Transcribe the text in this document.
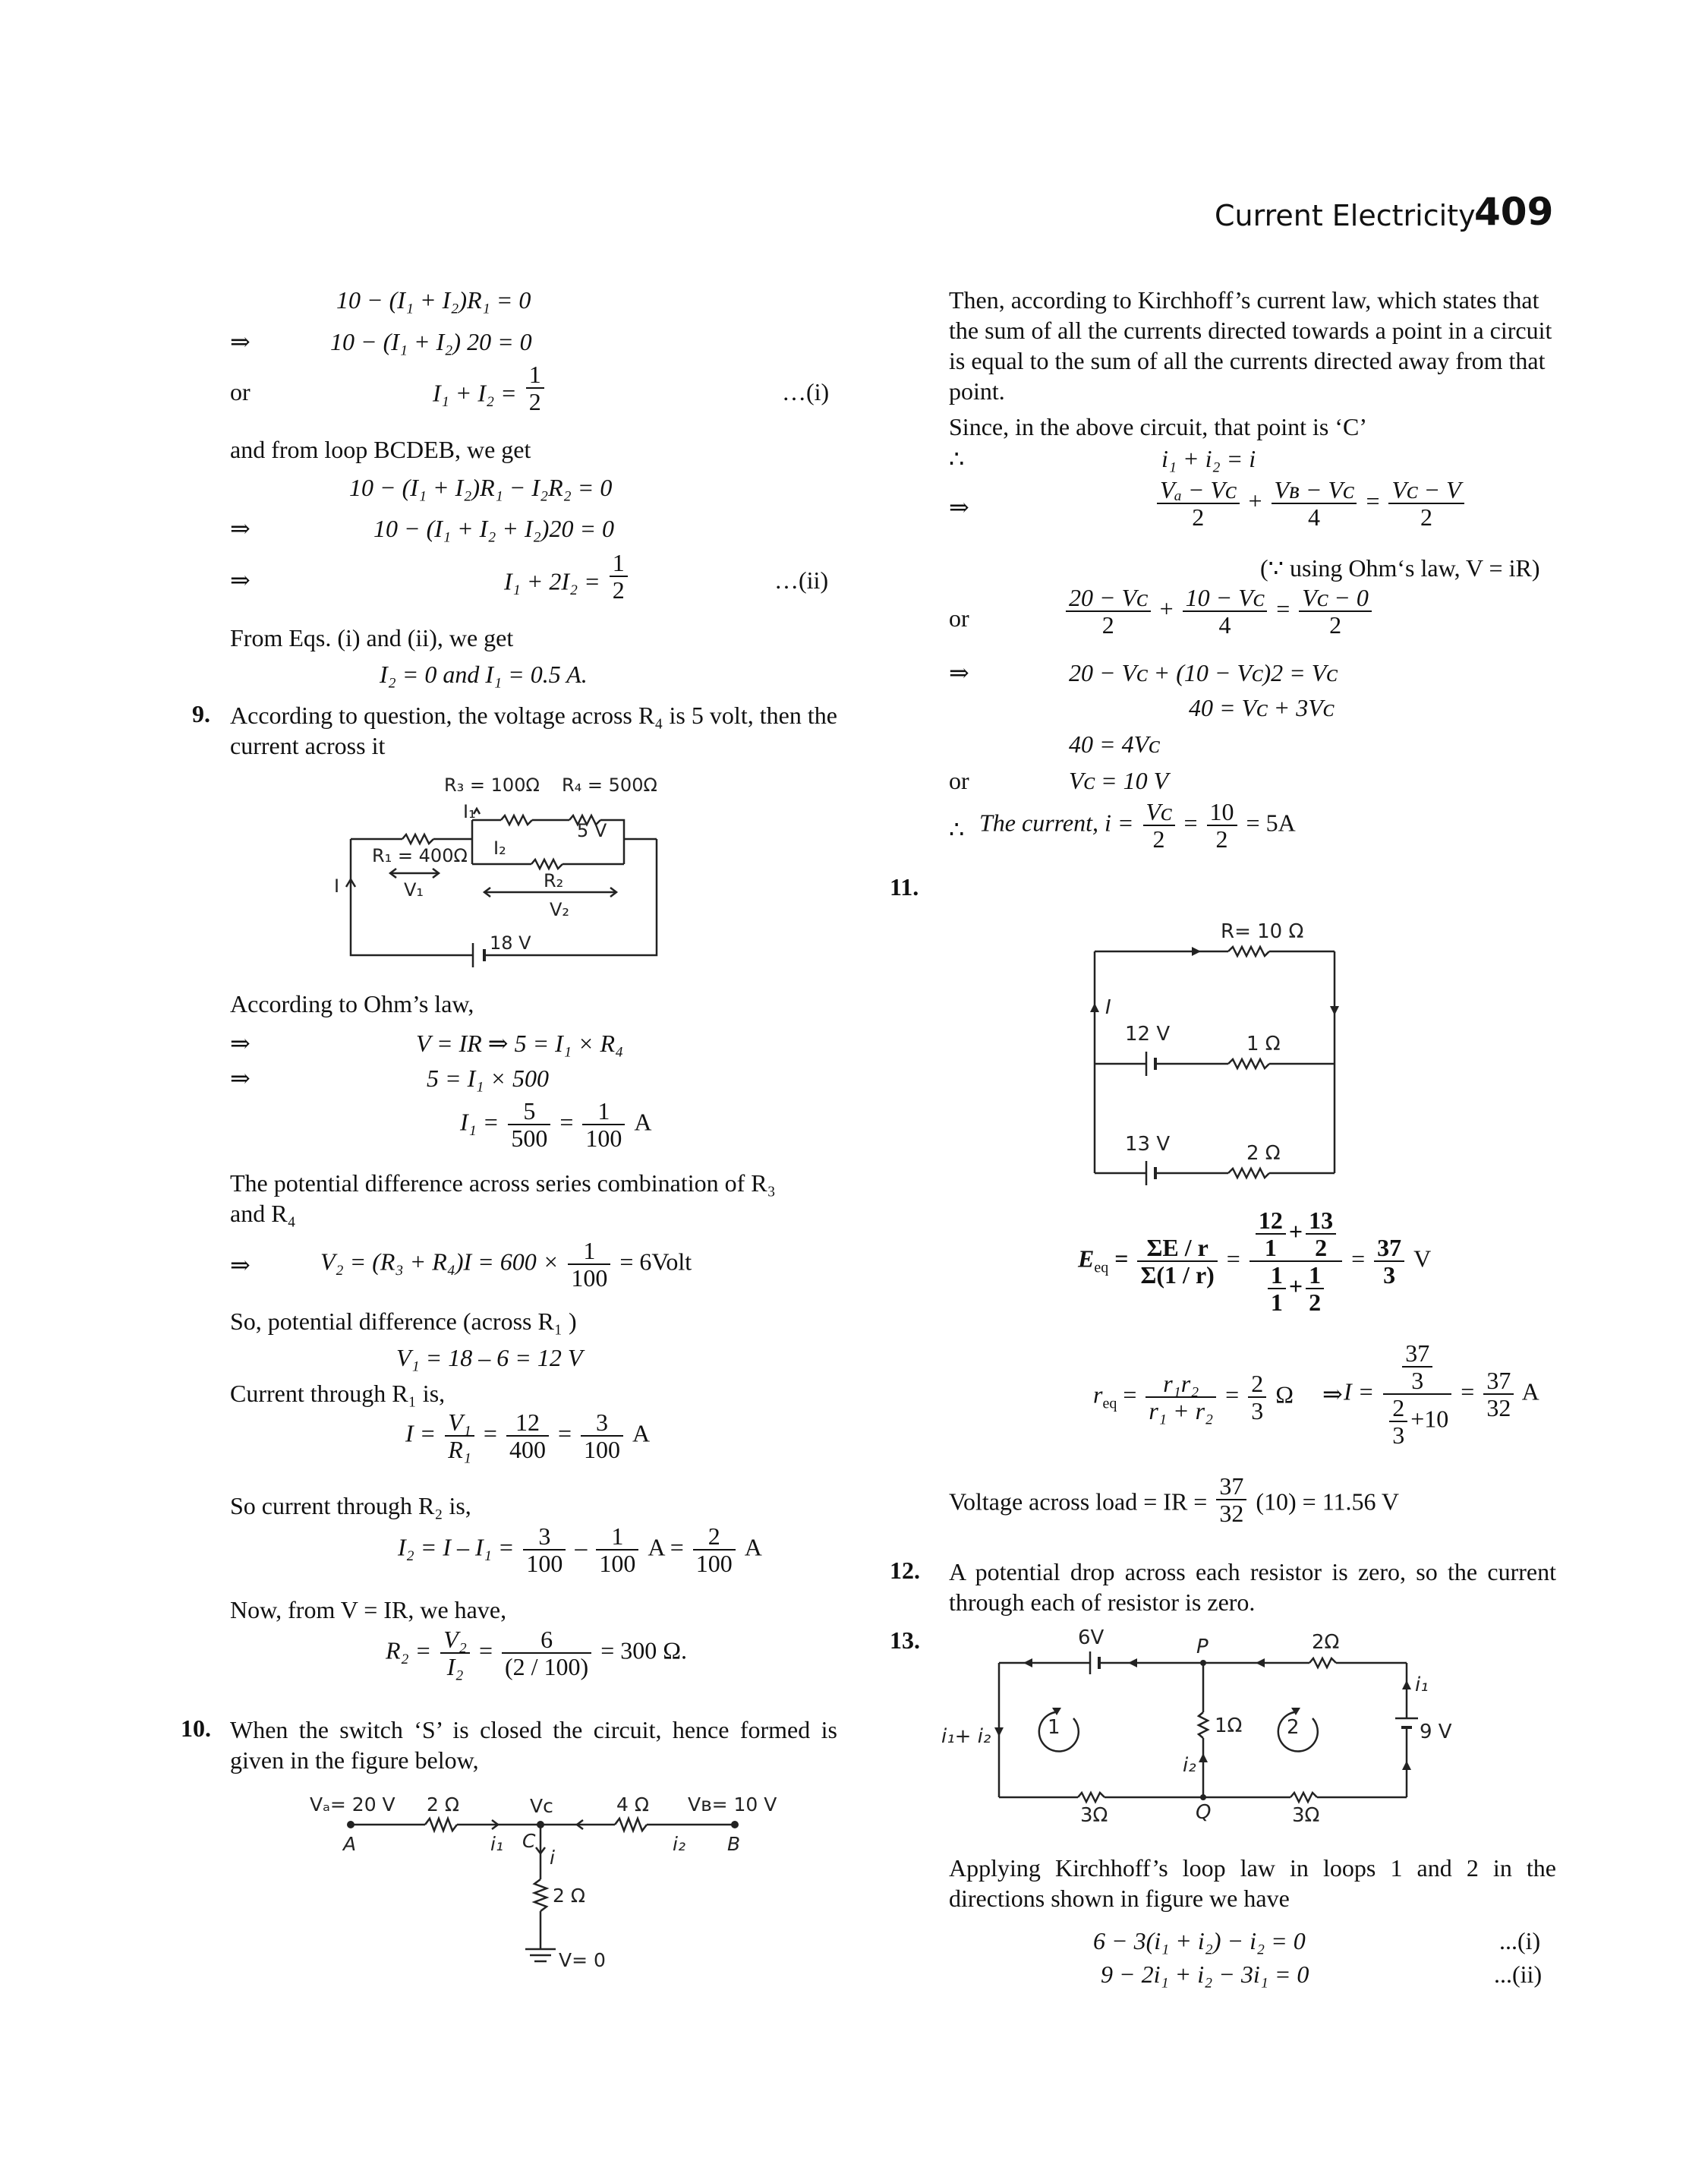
Current Electricity
409
10 − (I₁ + I₂)R₁ = 0
⇒	10 − (I₁ + I₂) 20 = 0
or	$I_1 + I_2 = \frac{1}{2}$	…(i)
and from loop BCDEB, we get
10 − (I₁ + I₂)R₁ − I₂R₂ = 0
⇒	10 − (I₁ + I₂ + I₂)20 = 0
⇒	$I_1 + 2I_2 = \frac{1}{2}$	…(ii)
From Eqs. (i) and (ii), we get
I₂ = 0 and I₁ = 0.5 A.
9. According to question, the voltage across R₄ is 5 volt, then the current across it
R₃ = 100Ω R₄ = 500Ω
I₁
5 V
R₁ = 400Ω I₂
V₁	R₂
V₂
I
18 V
According to Ohm’s law,
⇒	V = IR ⇒ 5 = I₁ × R₄
⇒	5 = I₁ × 500
$I_1 = \frac{5}{500} = \frac{1}{100}$ A
The potential difference across series combination of R₃ and R₄
⇒	$V_2 = (R_3 + R_4)I = 600 \times \frac{1}{100}$ = 6Volt
So, potential difference (across R₁ )
V₁ = 18 – 6 = 12 V
Current through R₁ is,
$I = \frac{\text{V₁}}{\text{R₁}} = \frac{12}{400} = \frac{3}{100}$ A
So current through R₂ is,
$I_2 = I - I_1 = \frac{3}{100} - \frac{1}{100}$ $A = \frac{2}{100}$ A
Now, from V = IR, we have,
$R_2 = \frac{\text{V₂}}{\text{I₂}} = \frac{6}{(2 / 100)} = 300$ Ω.
10. When the switch ‘S’ is closed the circuit, hence formed is given in the figure below,
Vₐ= 20 V
A
2 Ω	Vᴄ
C
4 Ω Vʙ= 10 V
B
i₁	i₂
i
2 Ω
V= 0
Then, according to Kirchhoff’s current law, which states that the sum of all the currents directed towards a point in a circuit is equal to the sum of all the currents directed away from that point.
Since, in the above circuit, that point is ‘C’
∴	i₁ + i₂ = i
⇒	$\frac{\text{Vₐ − Vᴄ}}{2} + \frac{\text{Vʙ − Vᴄ}}{4} = \frac{\text{Vᴄ − V}}{2}$
(∵ using Ohm‘s law, V = iR)
or	$\frac{\text{20 − Vᴄ}}{2} + \frac{\text{10 − Vᴄ}}{4} = \frac{\text{Vᴄ − 0}}{2}$
⇒	20 − Vᴄ + (10 − Vᴄ)2 = Vᴄ
40 = Vᴄ + 3Vᴄ
40 = 4Vᴄ
or	Vᴄ = 10 V
∴ The current, $i = \frac{\text{Vᴄ}}{2} = \frac{10}{2} = 5A$
11.
R= 10 Ω
I
12 V	1 Ω
13 V	2 Ω
$E_{eq} = \frac{\Sigma E / r}{\Sigma(1 / r)} = \frac{\frac{12}{1} + \frac{13}{2}}{\frac{1}{1} + \frac{1}{2}} = \frac{37}{3}$ V
$r_{eq} = \frac{\text{r₁r₂}}{\text{r₁ + r₂}} = \frac{2}{3}$ Ω ⇒ $I = \frac{\frac{37}{3}}{\frac{2}{3} +10} = \frac{37}{32}$ A
Voltage across load = IR = $\frac{37}{32} (10) = 11.56$ V
12. A potential drop across each resistor is zero, so the current through each of resistor is zero.
13.	6V	P	2Ω
i₁
9 V
1	1Ω 2
i₁+ i₂
i₂
3Ω	Q	3Ω
Applying Kirchhoff’s loop law in loops 1 and 2 in the directions shown in figure we have
6 − 3(i₁ + i₂) − i₂ = 0	...(i)
9 − 2i₁ + i₂ − 3i₁ = 0	...(ii)
